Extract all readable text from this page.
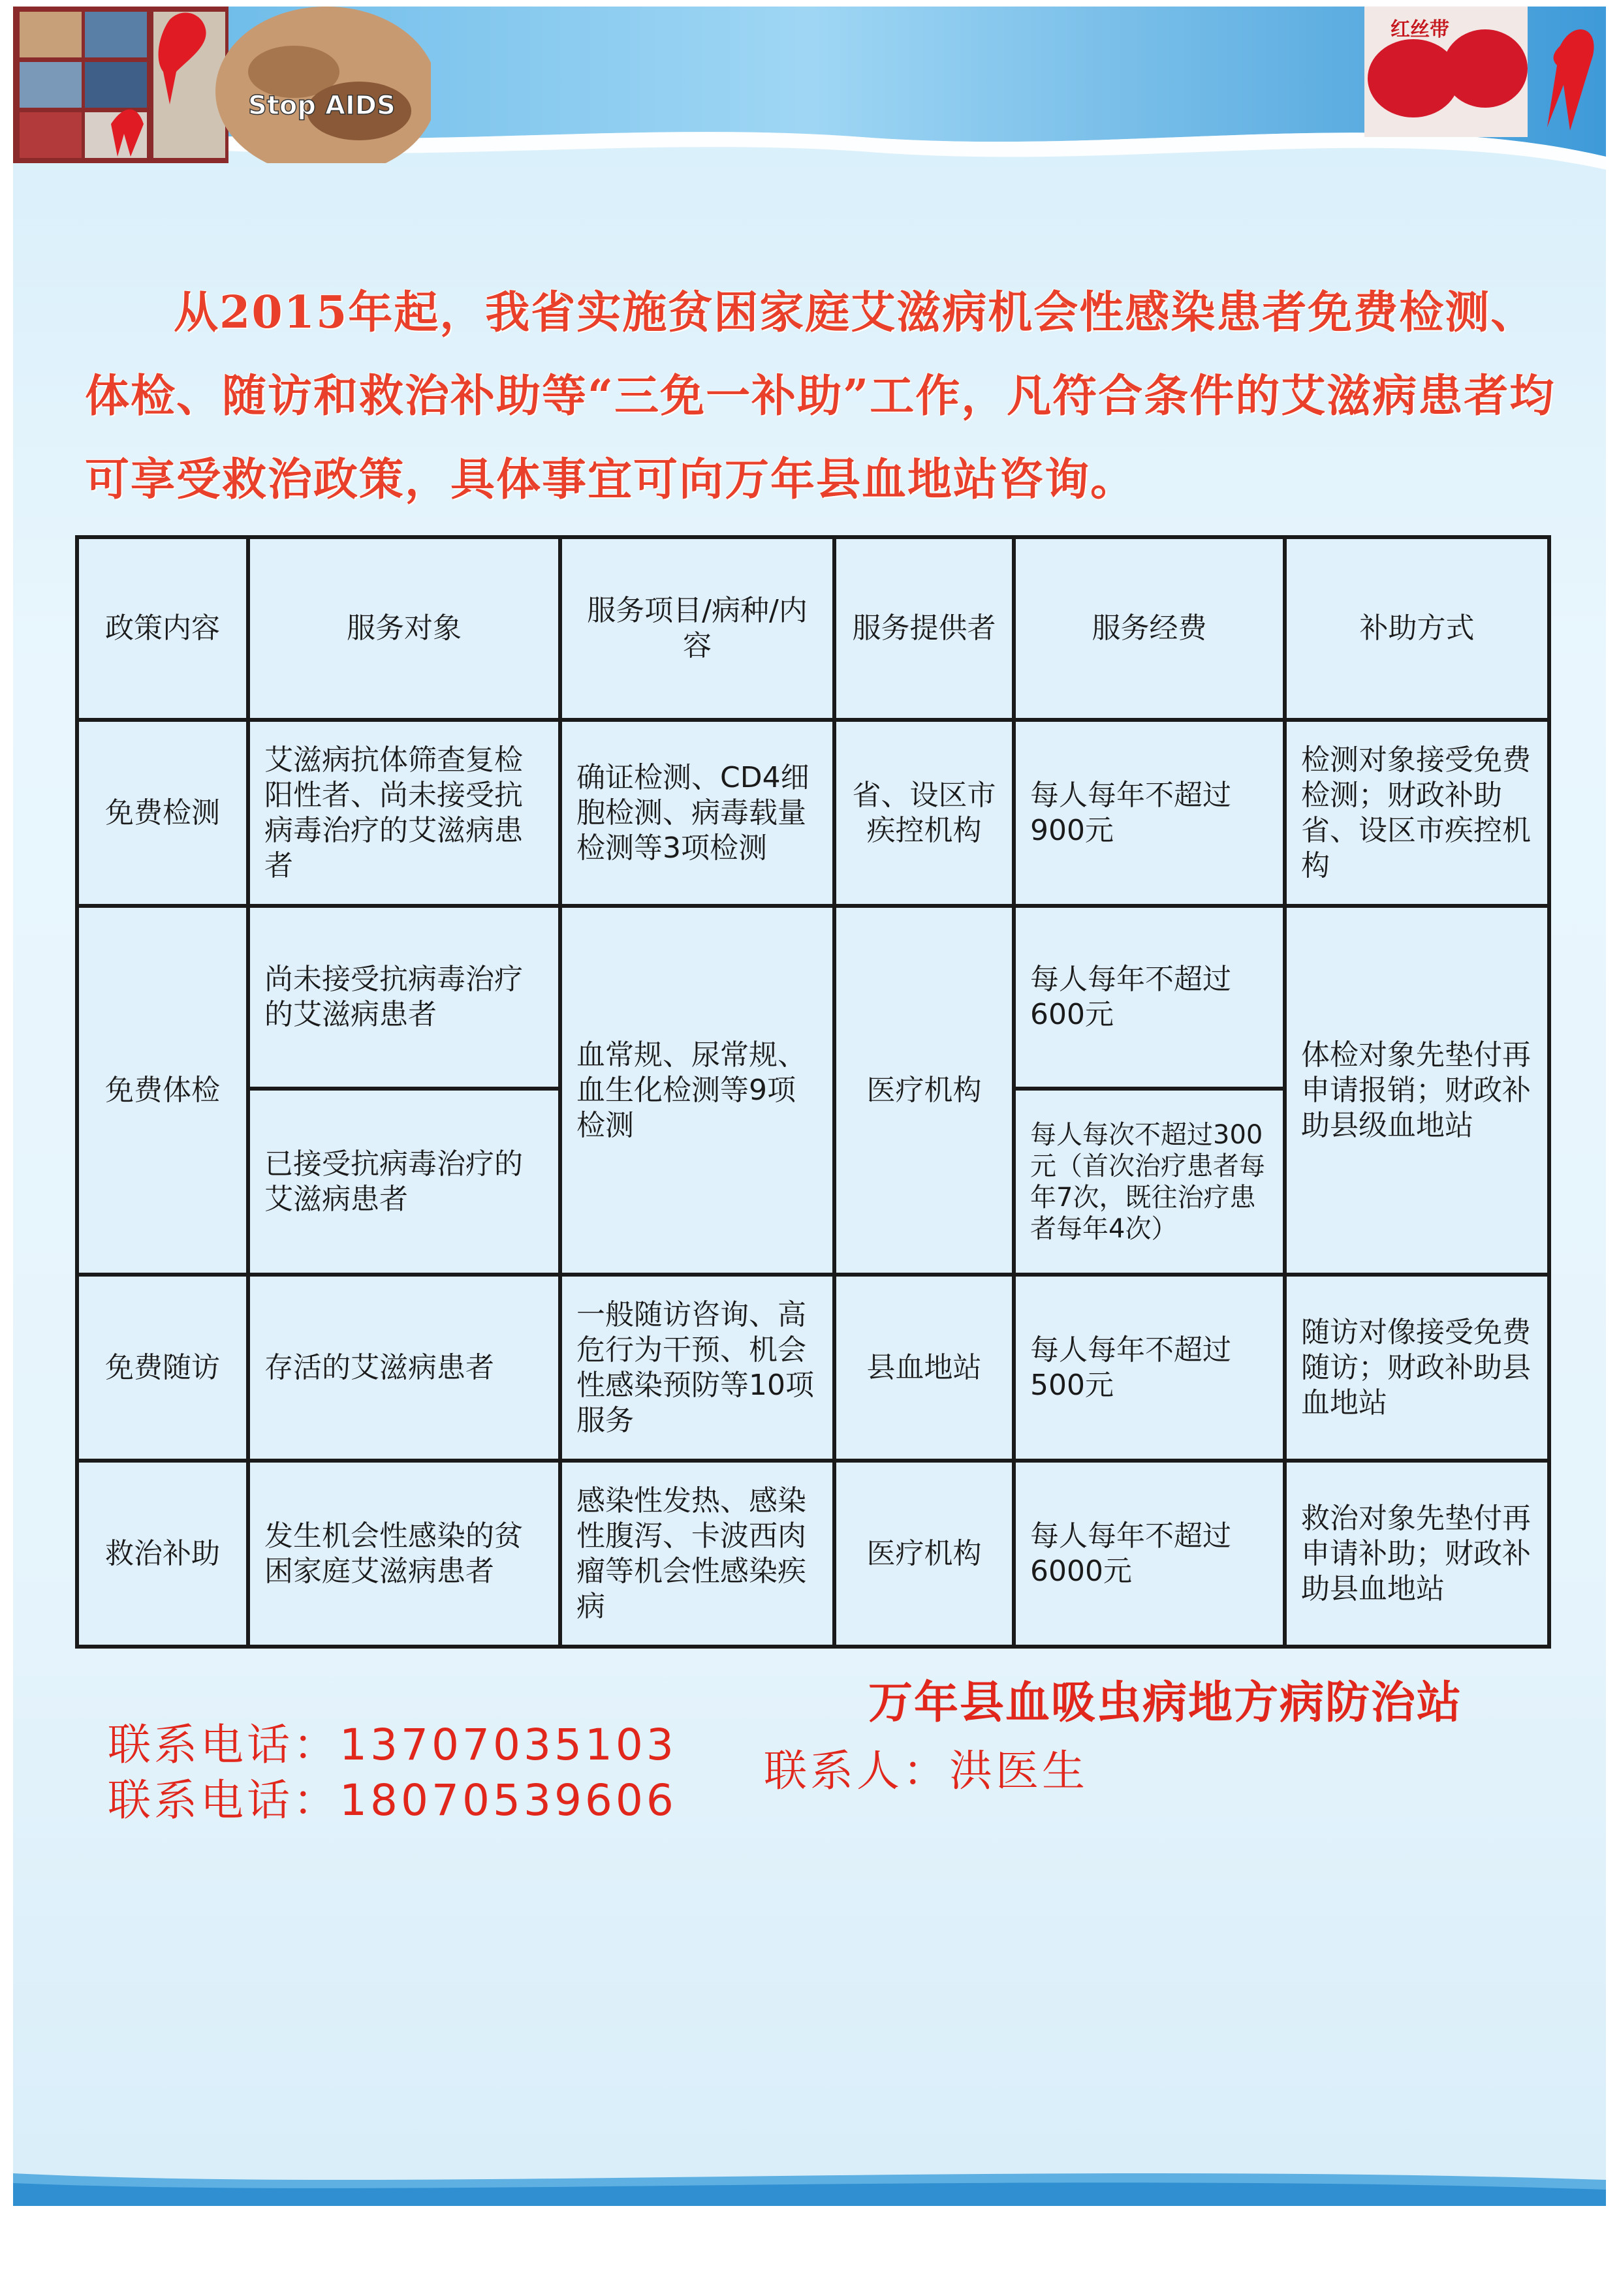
Stop AIDS
红丝带
从2015年起，我省实施贫困家庭艾滋病机会性感染患者免费检测、体检、随访和救治补助等“三免一补助”工作，凡符合条件的艾滋病患者均可享受救治政策，具体事宜可向万年县血地站咨询。
政策内容	服务对象	服务项目/病种/内容	服务提供者	服务经费	补助方式
免费检测	艾滋病抗体筛查复检阳性者、尚未接受抗病毒治疗的艾滋病患者	确证检测、CD4细胞检测、病毒载量检测等3项检测	省、设区市疾控机构	每人每年不超过900元	检测对象接受免费检测；财政补助省、设区市疾控机构
免费体检	尚未接受抗病毒治疗的艾滋病患者	血常规、尿常规、血生化检测等9项检测	医疗机构	每人每年不超过600元	体检对象先垫付再申请报销；财政补助县级血地站
	已接受抗病毒治疗的艾滋病患者			每人每次不超过300元（首次治疗患者每年7次，既往治疗患者每年4次）	
免费随访	存活的艾滋病患者	一般随访咨询、高危行为干预、机会性感染预防等10项服务	县血地站	每人每年不超过500元	随访对像接受免费随访；财政补助县血地站
救治补助	发生机会性感染的贫困家庭艾滋病患者	感染性发热、感染性腹泻、卡波西肉瘤等机会性感染疾病	医疗机构	每人每年不超过6000元	救治对象先垫付再申请补助；财政补助县血地站
万年县血吸虫病地方病防治站
联系电话：13707035103
联系电话：18070539606
联系人：洪医生
